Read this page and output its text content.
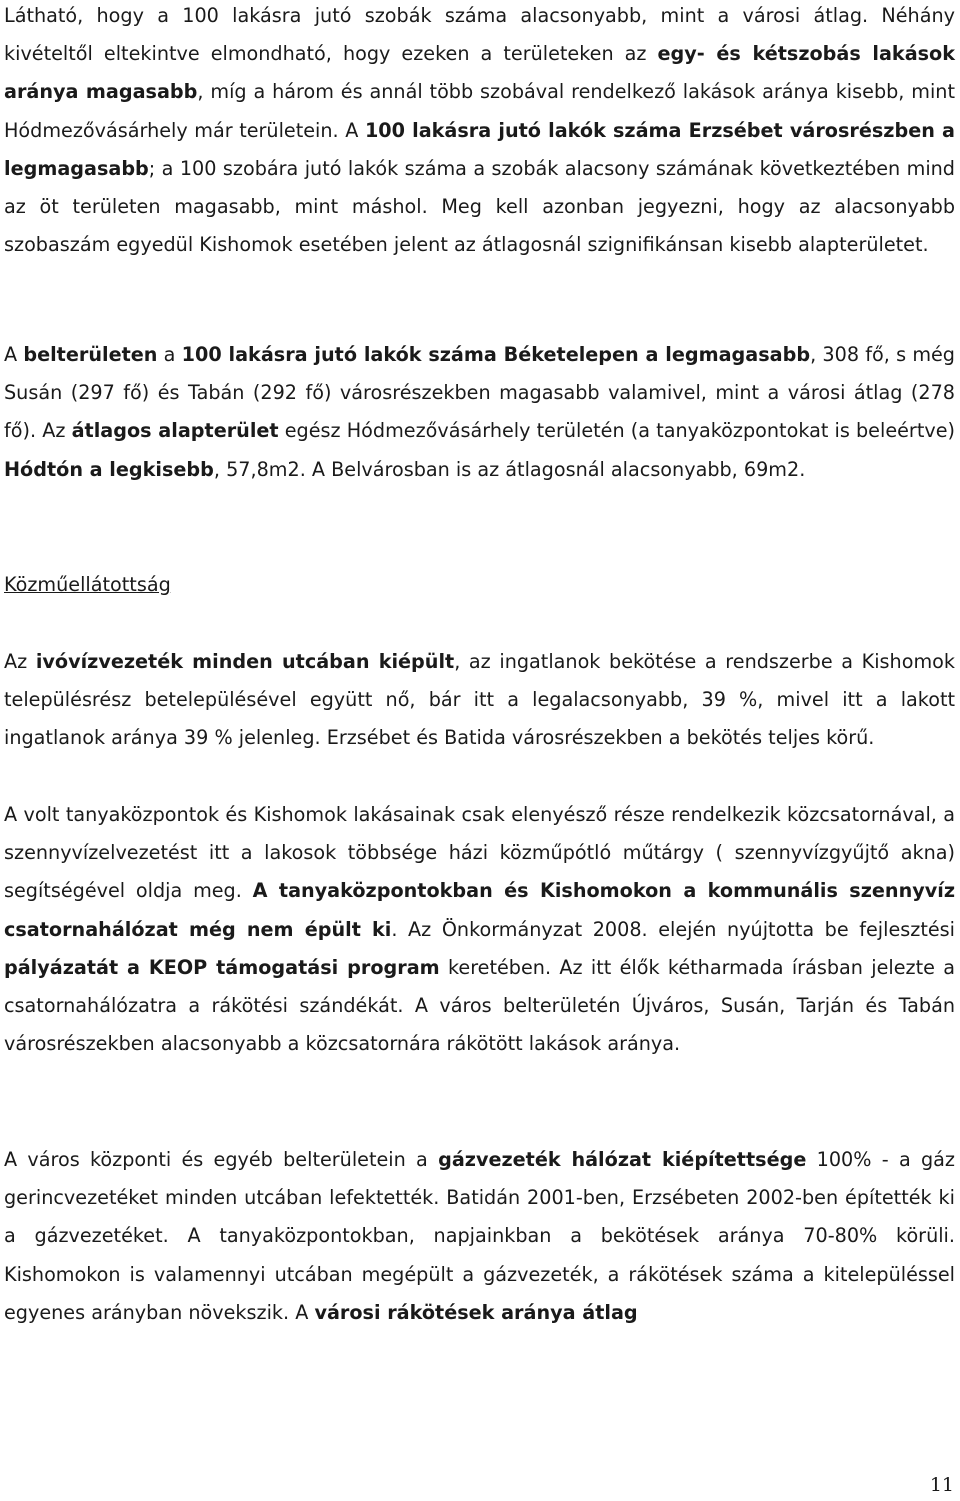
Látható, hogy a 100 lakásra jutó szobák száma alacsonyabb, mint a városi átlag. Néhány kivételtől eltekintve elmondható, hogy ezeken a területeken az egy- és kétszobás lakások aránya magasabb, míg a három és annál több szobával rendelkező lakások aránya kisebb, mint Hódmezővásárhely már területein. A 100 lakásra jutó lakók száma Erzsébet városrészben a legmagasabb; a 100 szobára jutó lakók száma a szobák alacsony számának következtében mind az öt területen magasabb, mint máshol. Meg kell azonban jegyezni, hogy az alacsonyabb szobaszám egyedül Kishomok esetében jelent az átlagosnál szignifikánsan kisebb alapterületet.

A belterületen a 100 lakásra jutó lakók száma Béketelepen a legmagasabb, 308 fő, s még Susán (297 fő) és Tabán (292 fő) városrészekben magasabb valamivel, mint a városi átlag (278 fő). Az átlagos alapterület egész Hódmezővásárhely területén (a tanyaközpontokat is beleértve) Hódtón a legkisebb, 57,8m2. A Belvárosban is az átlagosnál alacsonyabb, 69m2.

Közműellátottság

Az ivóvízvezeték minden utcában kiépült, az ingatlanok bekötése a rendszerbe a Kishomok településrész betelepülésével együtt nő, bár itt a legalacsonyabb, 39 %, mivel itt a lakott ingatlanok aránya 39 % jelenleg. Erzsébet és Batida városrészekben a bekötés teljes körű.

A volt tanyaközpontok és Kishomok lakásainak csak elenyésző része rendelkezik közcsatornával, a szennyvízelvezetést itt a lakosok többsége házi közműpótló műtárgy ( szennyvízgyűjtő akna) segítségével oldja meg. A tanyaközpontokban és Kishomokon a kommunális szennyvíz csatornahálózat még nem épült ki. Az Önkormányzat 2008. elején nyújtotta be fejlesztési pályázatát a KEOP támogatási program keretében. Az itt élők kétharmada írásban jelezte a csatornahálózatra a rákötési szándékát. A város belterületén Újváros, Susán, Tarján és Tabán városrészekben alacsonyabb a közcsatornára rákötött lakások aránya.

A város központi és egyéb belterületein a gázvezeték hálózat kiépítettsége 100% - a gáz gerincvezetéket minden utcában lefektették. Batidán 2001-ben, Erzsébeten 2002-ben építették ki a gázvezetéket. A tanyaközpontokban, napjainkban a bekötések aránya 70-80% körüli. Kishomokon is valamennyi utcában megépült a gázvezeték, a rákötések száma a kitelepüléssel egyenes arányban növekszik. A városi rákötések aránya átlag

11
